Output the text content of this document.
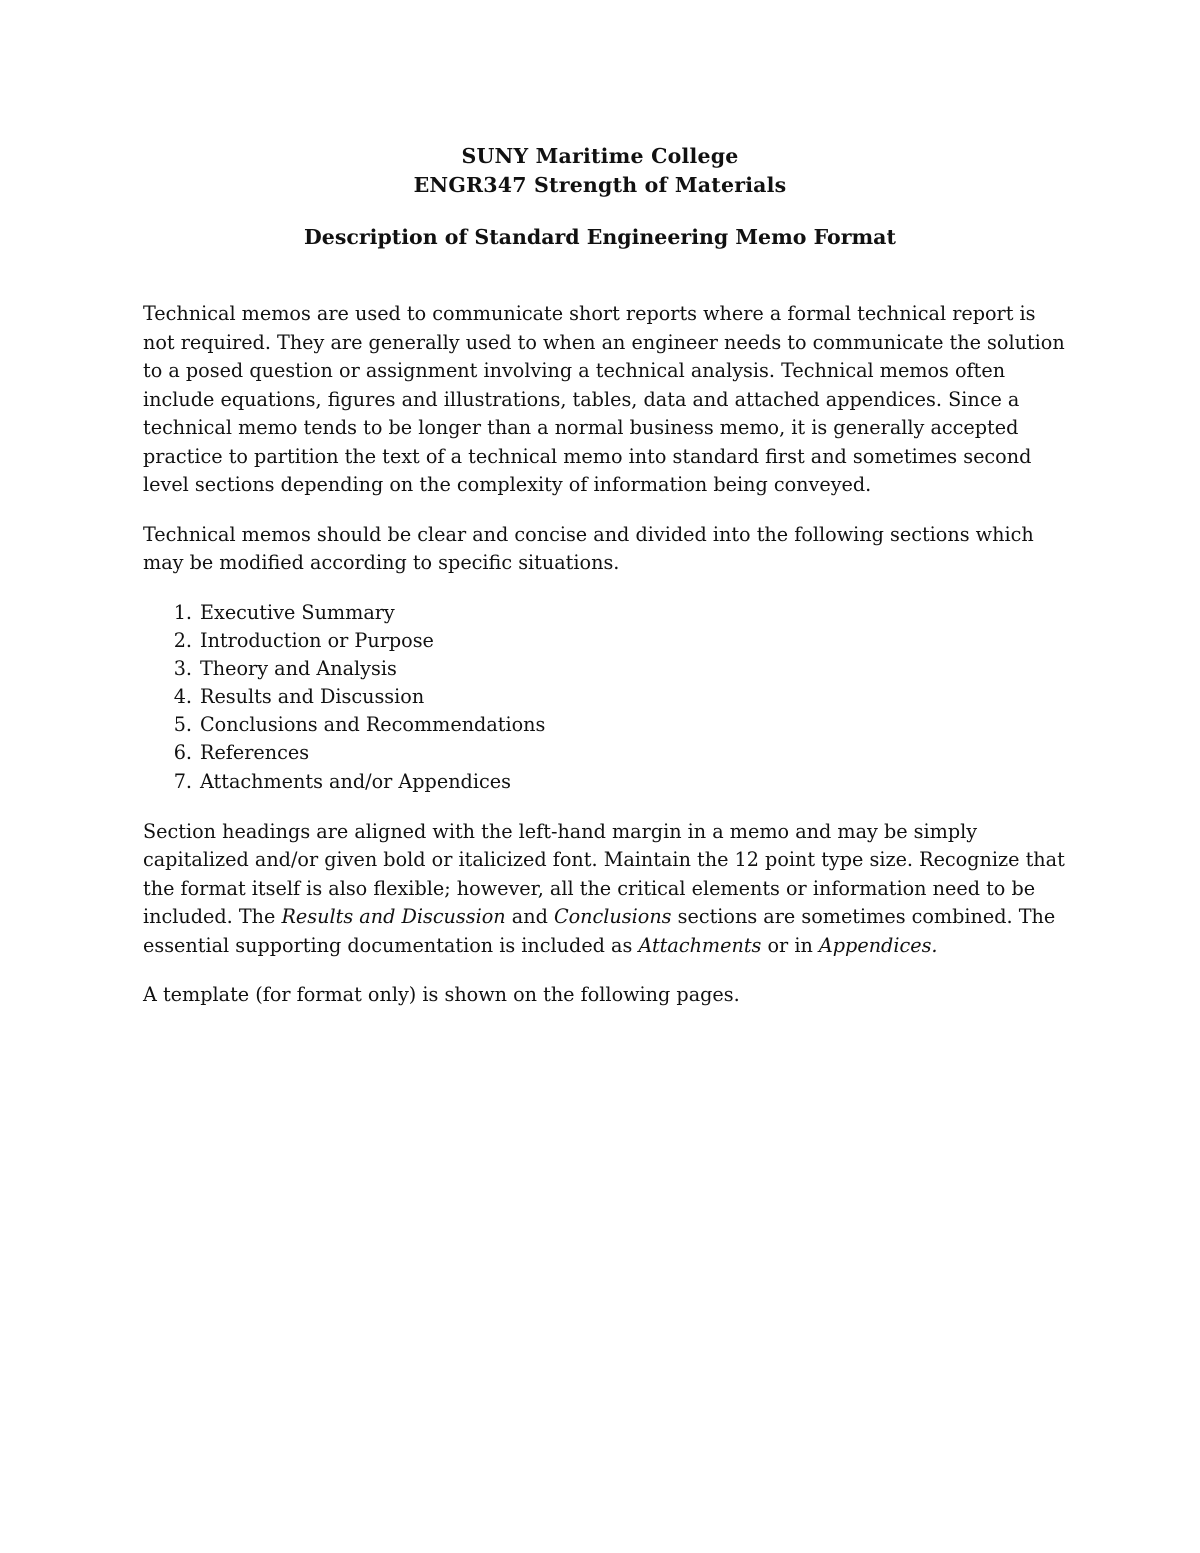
SUNY Maritime College
ENGR347 Strength of Materials
Description of Standard Engineering Memo Format

Technical memos are used to communicate short reports where a formal technical report is not required. They are generally used to when an engineer needs to communicate the solution to a posed question or assignment involving a technical analysis. Technical memos often include equations, figures and illustrations, tables, data and attached appendices. Since a technical memo tends to be longer than a normal business memo, it is generally accepted practice to partition the text of a technical memo into standard first and sometimes second level sections depending on the complexity of information being conveyed.

Technical memos should be clear and concise and divided into the following sections which may be modified according to specific situations.

1. Executive Summary
2. Introduction or Purpose
3. Theory and Analysis
4. Results and Discussion
5. Conclusions and Recommendations
6. References
7. Attachments and/or Appendices

Section headings are aligned with the left-hand margin in a memo and may be simply capitalized and/or given bold or italicized font. Maintain the 12 point type size. Recognize that the format itself is also flexible; however, all the critical elements or information need to be included. The Results and Discussion and Conclusions sections are sometimes combined. The essential supporting documentation is included as Attachments or in Appendices.

A template (for format only) is shown on the following pages.
